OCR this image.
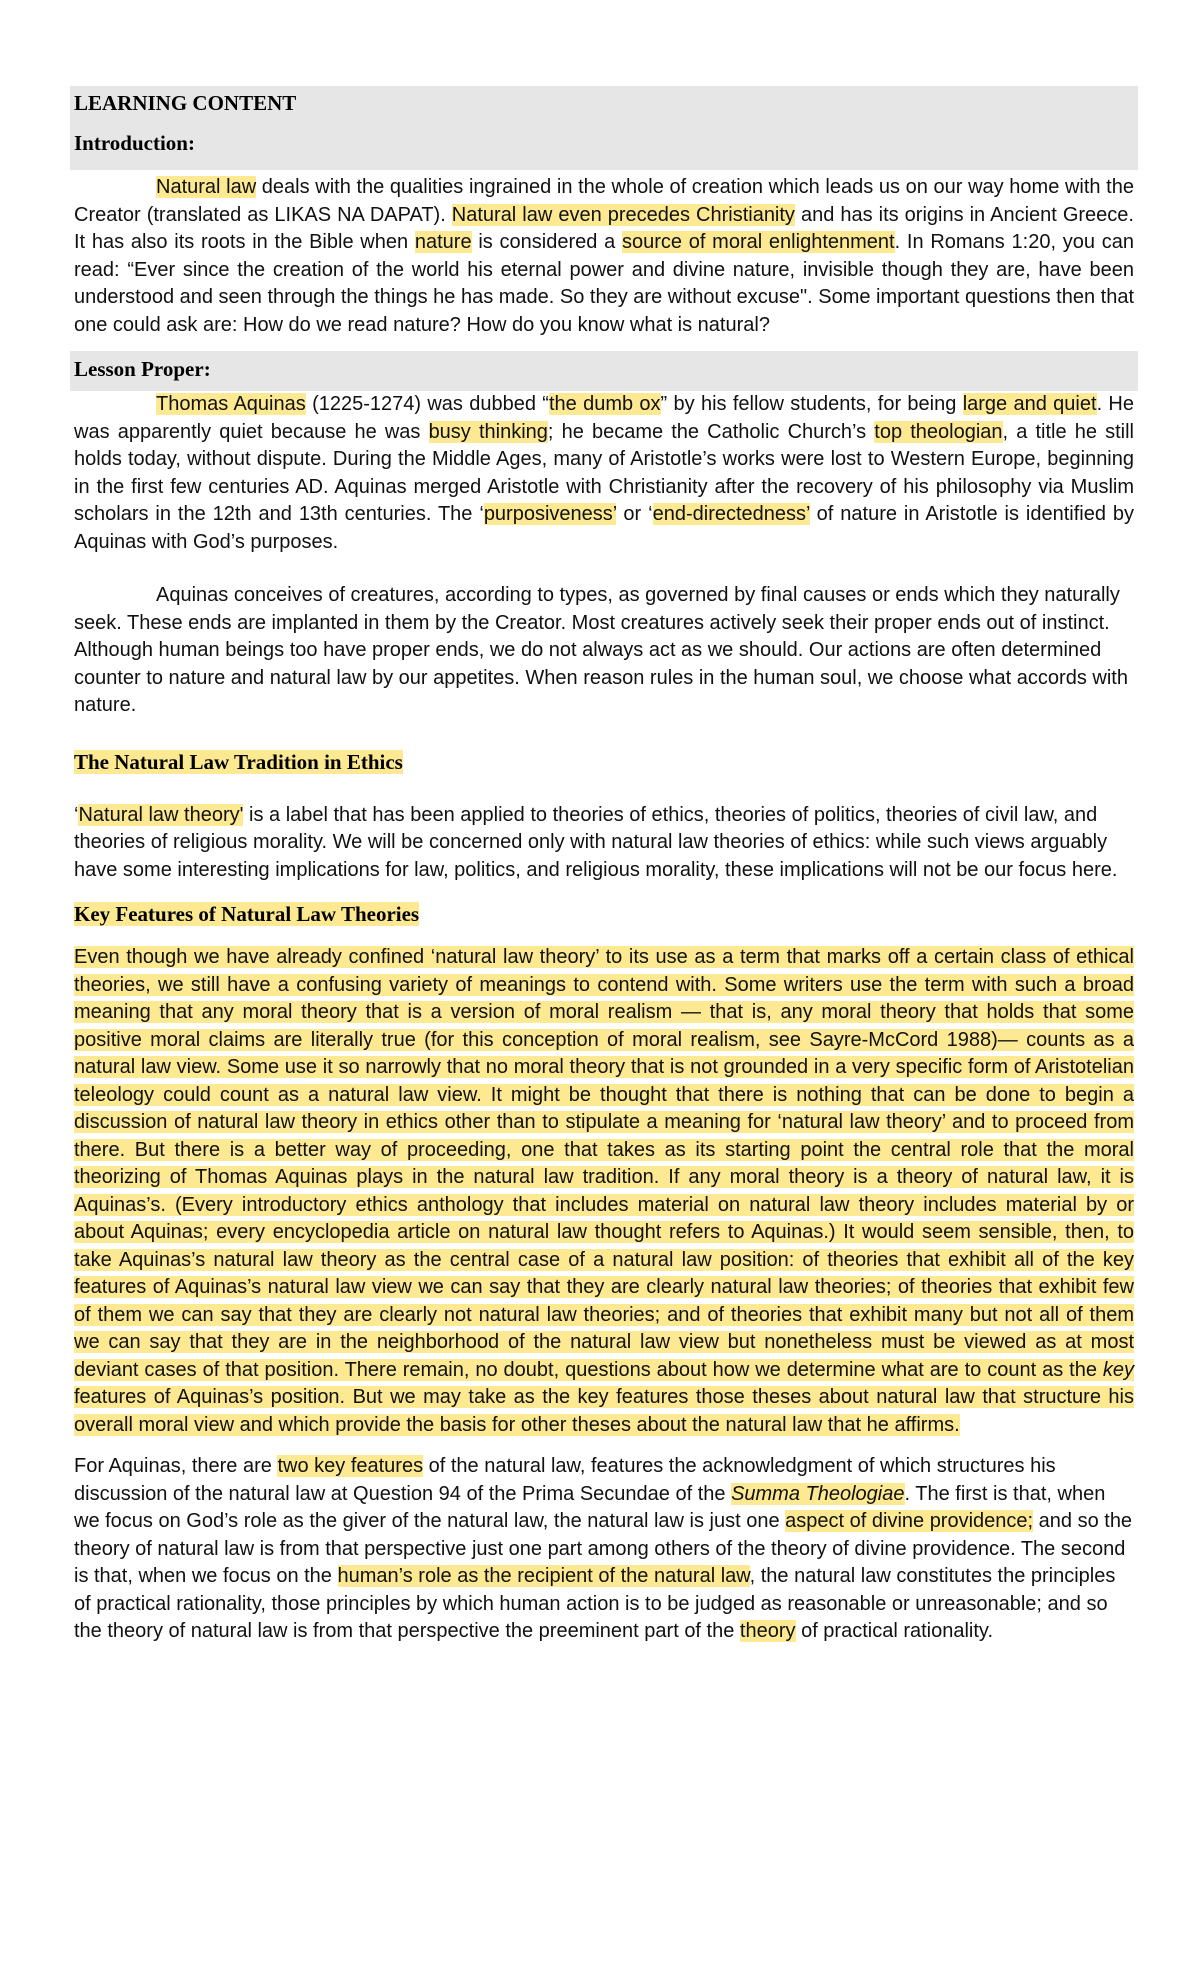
LEARNING CONTENT
Introduction:

Natural law deals with the qualities ingrained in the whole of creation which leads us on our way home with the Creator (translated as LIKAS NA DAPAT). Natural law even precedes Christianity and has its origins in Ancient Greece. It has also its roots in the Bible when nature is considered a source of moral enlightenment. In Romans 1:20, you can read: “Ever since the creation of the world his eternal power and divine nature, invisible though they are, have been understood and seen through the things he has made. So they are without excuse". Some important questions then that one could ask are: How do we read nature? How do you know what is natural?

Lesson Proper:

Thomas Aquinas (1225-1274) was dubbed “the dumb ox” by his fellow students, for being large and quiet. He was apparently quiet because he was busy thinking; he became the Catholic Church’s top theologian, a title he still holds today, without dispute. During the Middle Ages, many of Aristotle’s works were lost to Western Europe, beginning in the first few centuries AD. Aquinas merged Aristotle with Christianity after the recovery of his philosophy via Muslim scholars in the 12th and 13th centuries. The ‘purposiveness’ or ‘end-directedness’ of nature in Aristotle is identified by Aquinas with God’s purposes.

Aquinas conceives of creatures, according to types, as governed by final causes or ends which they naturally seek. These ends are implanted in them by the Creator. Most creatures actively seek their proper ends out of instinct. Although human beings too have proper ends, we do not always act as we should. Our actions are often determined counter to nature and natural law by our appetites. When reason rules in the human soul, we choose what accords with nature.

The Natural Law Tradition in Ethics

‘Natural law theory' is a label that has been applied to theories of ethics, theories of politics, theories of civil law, and theories of religious morality. We will be concerned only with natural law theories of ethics: while such views arguably have some interesting implications for law, politics, and religious morality, these implications will not be our focus here.

Key Features of Natural Law Theories

Even though we have already confined ‘natural law theory’ to its use as a term that marks off a certain class of ethical theories, we still have a confusing variety of meanings to contend with. Some writers use the term with such a broad meaning that any moral theory that is a version of moral realism — that is, any moral theory that holds that some positive moral claims are literally true (for this conception of moral realism, see Sayre-McCord 1988)— counts as a natural law view. Some use it so narrowly that no moral theory that is not grounded in a very specific form of Aristotelian teleology could count as a natural law view. It might be thought that there is nothing that can be done to begin a discussion of natural law theory in ethics other than to stipulate a meaning for ‘natural law theory’ and to proceed from there. But there is a better way of proceeding, one that takes as its starting point the central role that the moral theorizing of Thomas Aquinas plays in the natural law tradition. If any moral theory is a theory of natural law, it is Aquinas’s. (Every introductory ethics anthology that includes material on natural law theory includes material by or about Aquinas; every encyclopedia article on natural law thought refers to Aquinas.) It would seem sensible, then, to take Aquinas’s natural law theory as the central case of a natural law position: of theories that exhibit all of the key features of Aquinas’s natural law view we can say that they are clearly natural law theories; of theories that exhibit few of them we can say that they are clearly not natural law theories; and of theories that exhibit many but not all of them we can say that they are in the neighborhood of the natural law view but nonetheless must be viewed as at most deviant cases of that position. There remain, no doubt, questions about how we determine what are to count as the key features of Aquinas’s position. But we may take as the key features those theses about natural law that structure his overall moral view and which provide the basis for other theses about the natural law that he affirms.

For Aquinas, there are two key features of the natural law, features the acknowledgment of which structures his discussion of the natural law at Question 94 of the Prima Secundae of the Summa Theologiae. The first is that, when we focus on God’s role as the giver of the natural law, the natural law is just one aspect of divine providence; and so the theory of natural law is from that perspective just one part among others of the theory of divine providence. The second is that, when we focus on the human’s role as the recipient of the natural law, the natural law constitutes the principles of practical rationality, those principles by which human action is to be judged as reasonable or unreasonable; and so the theory of natural law is from that perspective the preeminent part of the theory of practical rationality.
